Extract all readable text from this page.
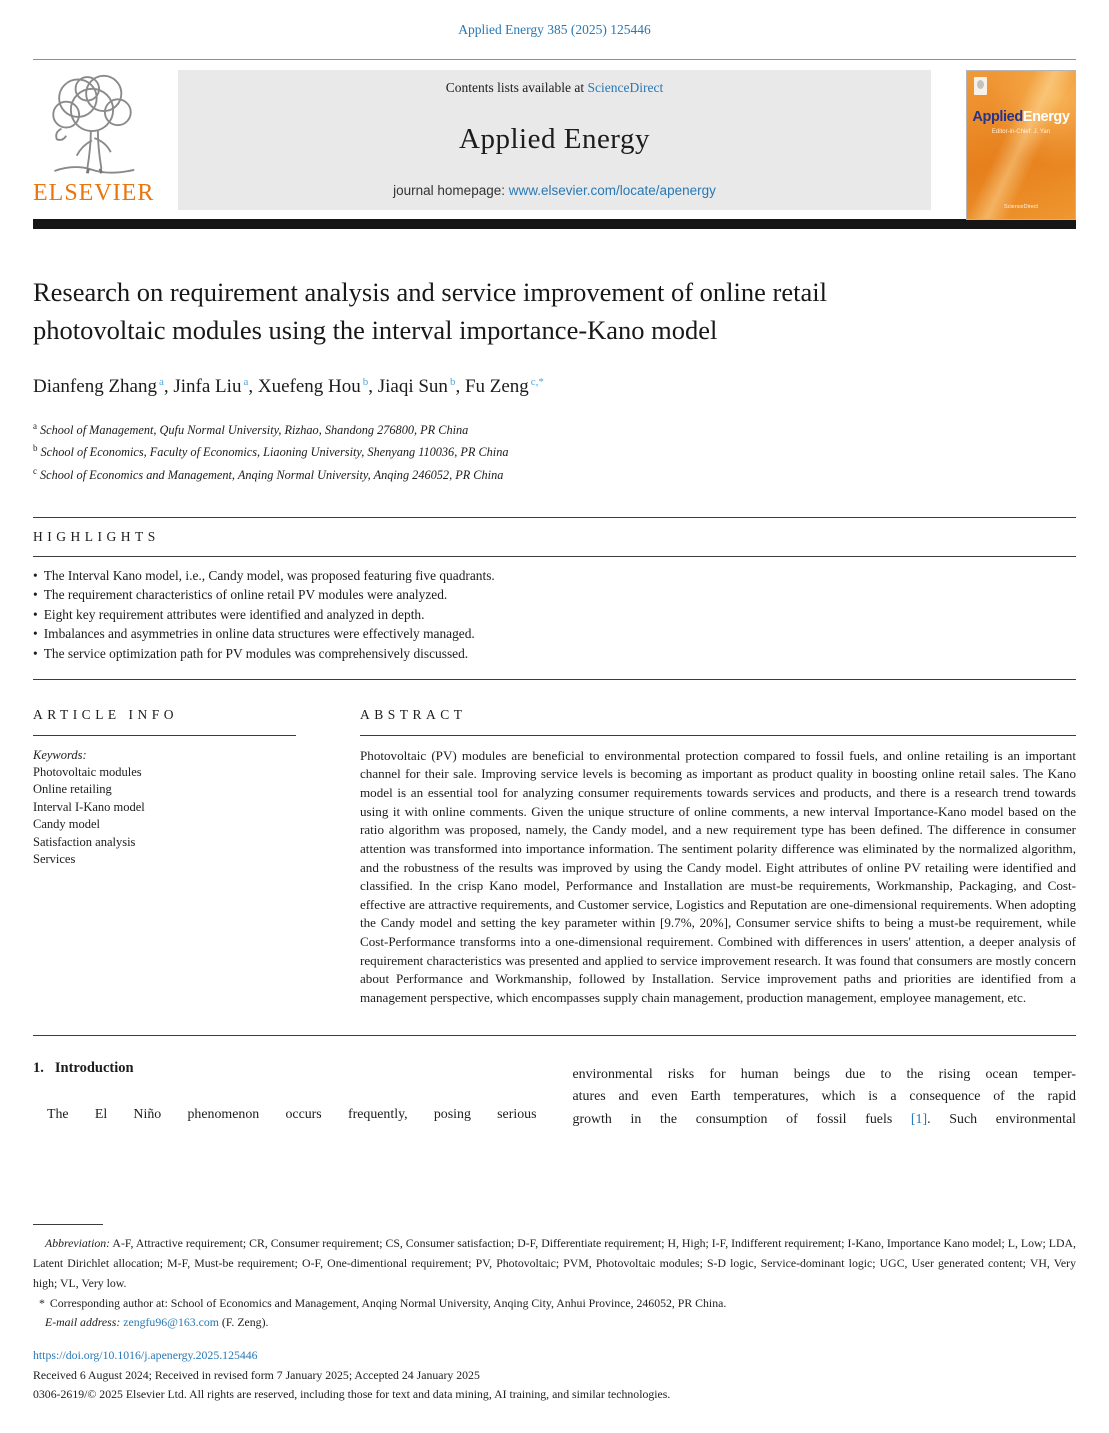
Applied Energy 385 (2025) 125446
ELSEVIER
Contents lists available at ScienceDirect
Applied Energy
journal homepage: www.elsevier.com/locate/apenergy
AppliedEnergy
Editor-in-Chief: J. Yan
ScienceDirect
Research on requirement analysis and service improvement of online retail
photovoltaic modules using the interval importance-Kano model
Dianfeng Zhang $^a$, Jinfa Liu $^a$, Xuefeng Hou $^b$, Jiaqi Sun $^b$, Fu Zeng $^{c,*}$
$^a$ School of Management, Qufu Normal University, Rizhao, Shandong 276800, PR China
$^b$ School of Economics, Faculty of Economics, Liaoning University, Shenyang 110036, PR China
$^c$ School of Economics and Management, Anqing Normal University, Anqing 246052, PR China
HIGHLIGHTS
• The Interval Kano model, i.e., Candy model, was proposed featuring five quadrants.
• The requirement characteristics of online retail PV modules were analyzed.
• Eight key requirement attributes were identified and analyzed in depth.
• Imbalances and asymmetries in online data structures were effectively managed.
• The service optimization path for PV modules was comprehensively discussed.
ARTICLE INFO
Keywords:
Photovoltaic modules
Online retailing
Interval I-Kano model
Candy model
Satisfaction analysis
Services
ABSTRACT
Photovoltaic (PV) modules are beneficial to environmental protection compared to fossil fuels, and online retailing is an important channel for their sale. Improving service levels is becoming as important as product quality in boosting online retail sales. The Kano model is an essential tool for analyzing consumer requirements towards services and products, and there is a research trend towards using it with online comments. Given the unique structure of online comments, a new interval Importance-Kano model based on the ratio algorithm was proposed, namely, the Candy model, and a new requirement type has been defined. The difference in consumer attention was transformed into importance information. The sentiment polarity difference was eliminated by the normalized algorithm, and the robustness of the results was improved by using the Candy model. Eight attributes of online PV retailing were identified and classified. In the crisp Kano model, Performance and Installation are must-be requirements, Workmanship, Packaging, and Cost-effective are attractive requirements, and Customer service, Logistics and Reputation are one-dimensional requirements. When adopting the Candy model and setting the key parameter within [9.7%, 20%], Consumer service shifts to being a must-be requirement, while Cost-Performance transforms into a one-dimensional requirement. Combined with differences in users' attention, a deeper analysis of requirement characteristics was presented and applied to service improvement research. It was found that consumers are mostly concern about Performance and Workmanship, followed by Installation. Service improvement paths and priorities are identified from a management perspective, which encompasses supply chain management, production management, employee management, etc.
1. Introduction
The El Niño phenomenon occurs frequently, posing serious
environmental risks for human beings due to the rising ocean temper-
atures and even Earth temperatures, which is a consequence of the rapid
growth in the consumption of fossil fuels [1]. Such environmental
Abbreviation: A-F, Attractive requirement; CR, Consumer requirement; CS, Consumer satisfaction; D-F, Differentiate requirement; H, High; I-F, Indifferent requirement; I-Kano, Importance Kano model; L, Low; LDA, Latent Dirichlet allocation; M-F, Must-be requirement; O-F, One-dimentional requirement; PV, Photovoltaic; PVM, Photovoltaic modules; S-D logic, Service-dominant logic; UGC, User generated content; VH, Very high; VL, Very low.
* Corresponding author at: School of Economics and Management, Anqing Normal University, Anqing City, Anhui Province, 246052, PR China.
E-mail address: zengfu96@163.com (F. Zeng).
https://doi.org/10.1016/j.apenergy.2025.125446
Received 6 August 2024; Received in revised form 7 January 2025; Accepted 24 January 2025
0306-2619/© 2025 Elsevier Ltd. All rights are reserved, including those for text and data mining, AI training, and similar technologies.
